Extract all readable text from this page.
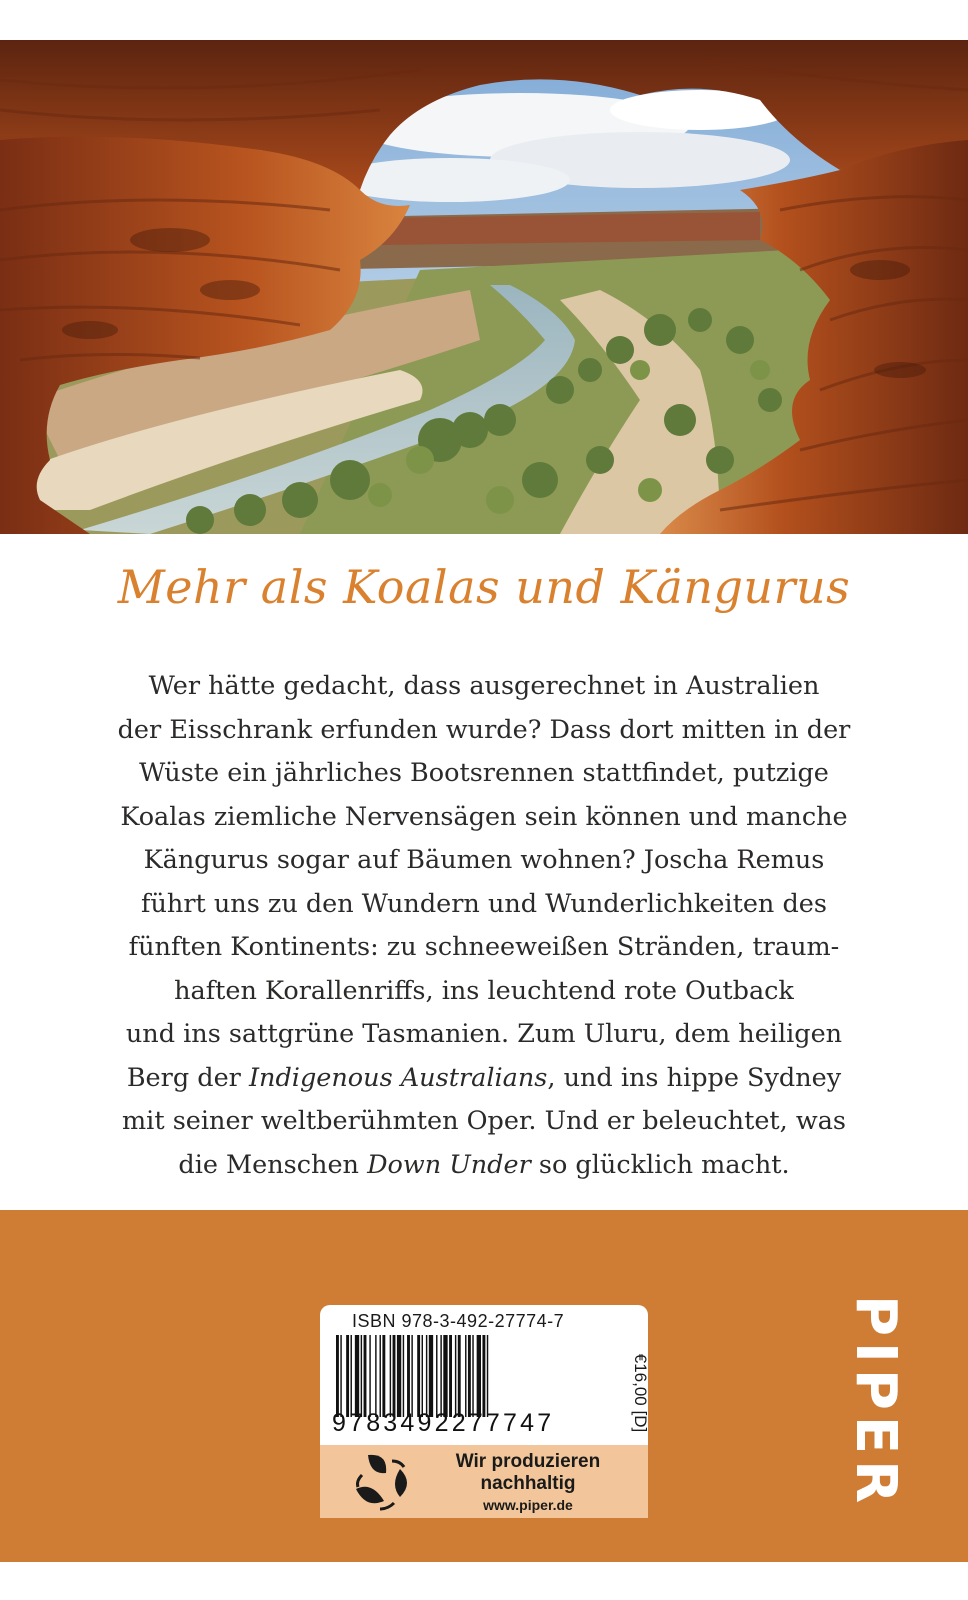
Mehr als Koalas und Kängurus
Wer hätte gedacht, dass ausgerechnet in Australien
der Eisschrank erfunden wurde? Dass dort mitten in der
Wüste ein jährliches Bootsrennen stattfindet, putzige
Koalas ziemliche Nervensägen sein können und manche
Kängurus sogar auf Bäumen wohnen? Joscha Remus
führt uns zu den Wundern und Wunderlichkeiten des
fünften Kontinents: zu schneeweißen Stränden, traum-
haften Korallenriffs, ins leuchtend rote Outback
und ins sattgrüne Tasmanien. Zum Uluru, dem heiligen
Berg der Indigenous Australians, und ins hippe Sydney
mit seiner weltberühmten Oper. Und er beleuchtet, was
die Menschen Down Under so glücklich macht.
ISBN 978-3-492-27774-7
9783492277747	€16,00 [D]
Wir produzieren
nachhaltig
www.piper.de	PIPER
